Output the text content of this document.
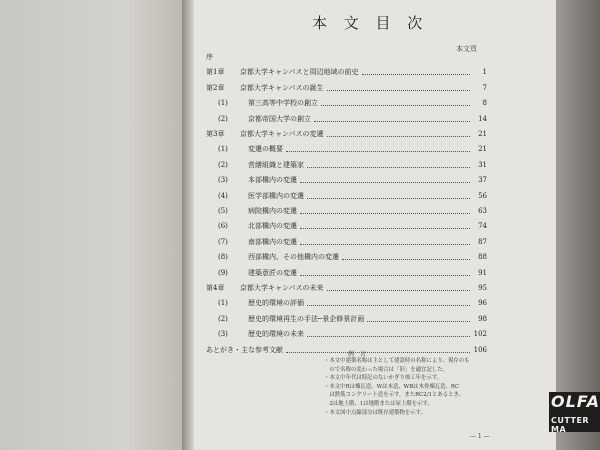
本 文 目 次
本文頁
序
第1章	京都大学キャンパスと周辺地域の前史	1
第2章	京都大学キャンパスの誕生	7
(1)	第三高等中学校の創立	8
(2)	京都帝国大学の創立	14
第3章	京都大学キャンパスの変遷	21
(1)	変遷の概要	21
(2)	営繕組織と建築家	31
(3)	本部構内の変遷	37
(4)	医学部構内の変遷	56
(5)	病院構内の変遷	63
(6)	北部構内の変遷	74
(7)	南部構内の変遷	87
(8)	西部構内、その他構内の変遷	88
(9)	建築意匠の変遷	91
第4章	京都大学キャンパスの未来	95
(1)	歴史的環境の評価	96
(2)	歴史的環境再生の手法─景企修景計画	98
(3)	歴史的環境の未来	102
あとがき・主な参考文献	106
例 言
・本文中建築名称は主として建設時の名称により、現存のも
　ので名称の変わった場合は「旧」を適宜記した。
・本文中年代は特記のないかぎり竣工年を示す。
・本文中Rは煉瓦造、Wは木造、WBは木骨煉瓦造、RC
　は鉄筋コンクリート造を示す。またRC2/1とあるとき、
　2は地上階、1は地階または屋上階を示す。
・本文図中点線部分は既存建築物を示す。
— 1 —
OLFA
CUTTER MA
